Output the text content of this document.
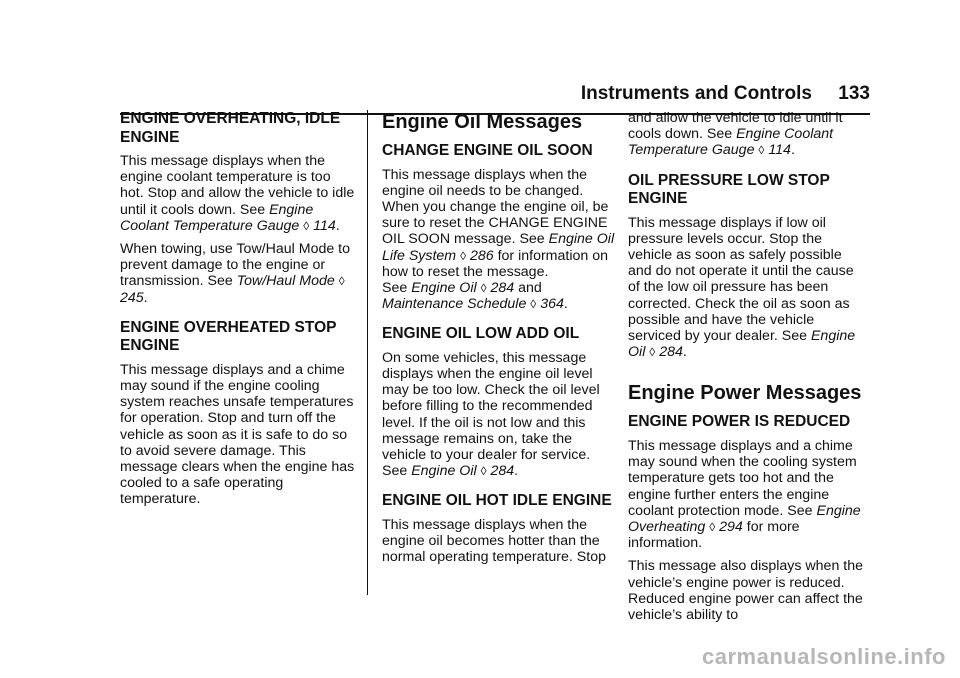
Instruments and Controls 133
ENGINE OVERHEATING, IDLE ENGINE

This message displays when the engine coolant temperature is too hot. Stop and allow the vehicle to idle until it cools down. See Engine Coolant Temperature Gauge ◊ 114.

When towing, use Tow/Haul Mode to prevent damage to the engine or transmission. See Tow/Haul Mode ◊ 245.

ENGINE OVERHEATED STOP ENGINE

This message displays and a chime may sound if the engine cooling system reaches unsafe temperatures for operation. Stop and turn off the vehicle as soon as it is safe to do so to avoid severe damage. This message clears when the engine has cooled to a safe operating temperature.

Engine Oil Messages
CHANGE ENGINE OIL SOON

This message displays when the engine oil needs to be changed. When you change the engine oil, be sure to reset the CHANGE ENGINE OIL SOON message. See Engine Oil Life System ◊ 286 for information on how to reset the message.
See Engine Oil ◊ 284 and Maintenance Schedule ◊ 364.

ENGINE OIL LOW ADD OIL

On some vehicles, this message displays when the engine oil level may be too low. Check the oil level before filling to the recommended level. If the oil is not low and this message remains on, take the vehicle to your dealer for service. See Engine Oil ◊ 284.

ENGINE OIL HOT IDLE ENGINE

This message displays when the engine oil becomes hotter than the normal operating temperature. Stop

and allow the vehicle to idle until it cools down. See Engine Coolant Temperature Gauge ◊ 114.

OIL PRESSURE LOW STOP ENGINE

This message displays if low oil pressure levels occur. Stop the vehicle as soon as safely possible and do not operate it until the cause of the low oil pressure has been corrected. Check the oil as soon as possible and have the vehicle serviced by your dealer. See Engine Oil ◊ 284.

Engine Power Messages
ENGINE POWER IS REDUCED

This message displays and a chime may sound when the cooling system temperature gets too hot and the engine further enters the engine coolant protection mode. See Engine Overheating ◊ 294 for more information.

This message also displays when the vehicle’s engine power is reduced. Reduced engine power can affect the vehicle’s ability to

carmanualsonline.info
